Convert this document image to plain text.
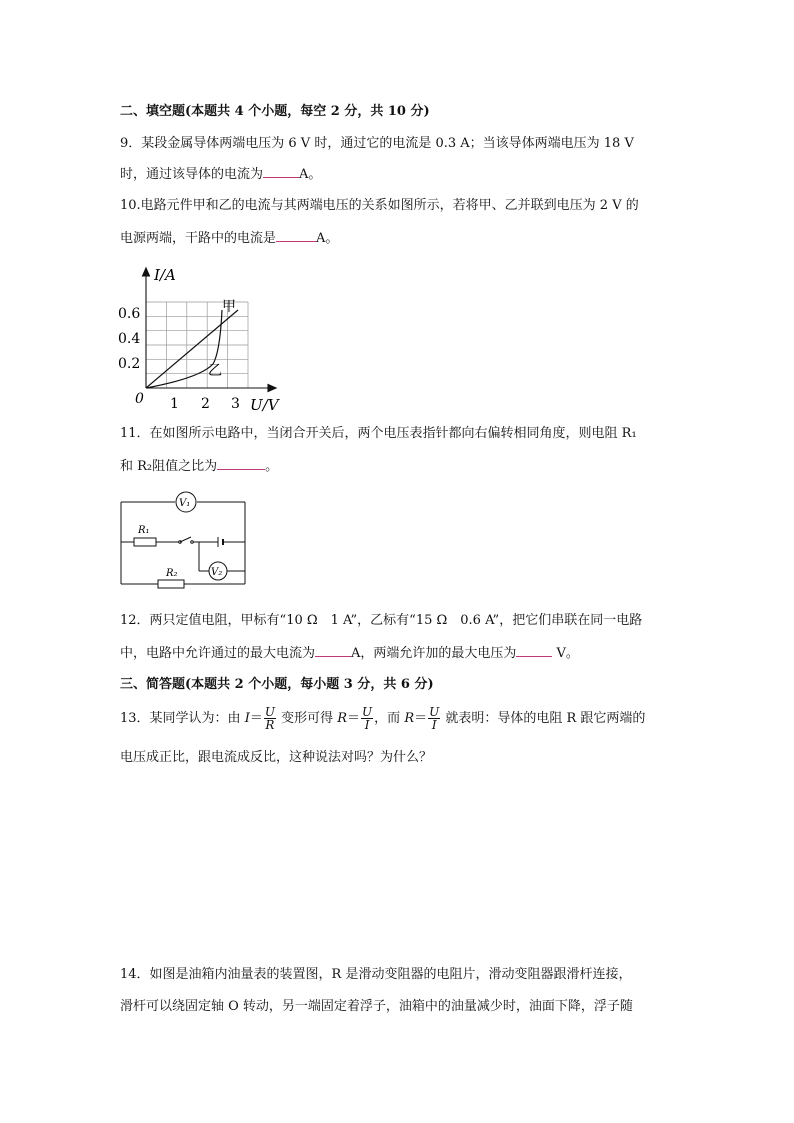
二、填空题(本题共 4 个小题，每空 2 分，共 10 分)
9．某段金属导体两端电压为 6 V 时，通过它的电流是 0.3 A；当该导体两端电压为 18 V
时，通过该导体的电流为	A。
10.电路元件甲和乙的电流与其两端电压的关系如图所示，若将甲、乙并联到电压为 2 V 的
电源两端，干路中的电流是	A。
I/A
U/V
0 1 2 3
0.2
0.4
0.6	甲
乙
11．在如图所示电路中，当闭合开关后，两个电压表指针都向右偏转相同角度，则电阻 R₁
和 R₂阻值之比为	。
V₁
V₂
R₁
R₂
12．两只定值电阻，甲标有“10 Ω　1 A”，乙标有“15 Ω　0.6 A”，把它们串联在同一电路
中，电路中允许通过的最大电流为	A，两端允许加的最大电压为	V。
三、简答题(本题共 2 个小题，每小题 3 分，共 6 分)
13．某同学认为：由 $I= \frac{U}{R}$ 变形可得 $R= \frac{U}{I}$ ，而 $R= \frac{U}{I}$ 就表明：导体的电阻 R 跟它两端的
电压成正比，跟电流成反比，这种说法对吗？为什么？
14．如图是油箱内油量表的装置图，R 是滑动变阻器的电阻片，滑动变阻器跟滑杆连接，
滑杆可以绕固定轴 O 转动，另一端固定着浮子，油箱中的油量减少时，油面下降，浮子随
